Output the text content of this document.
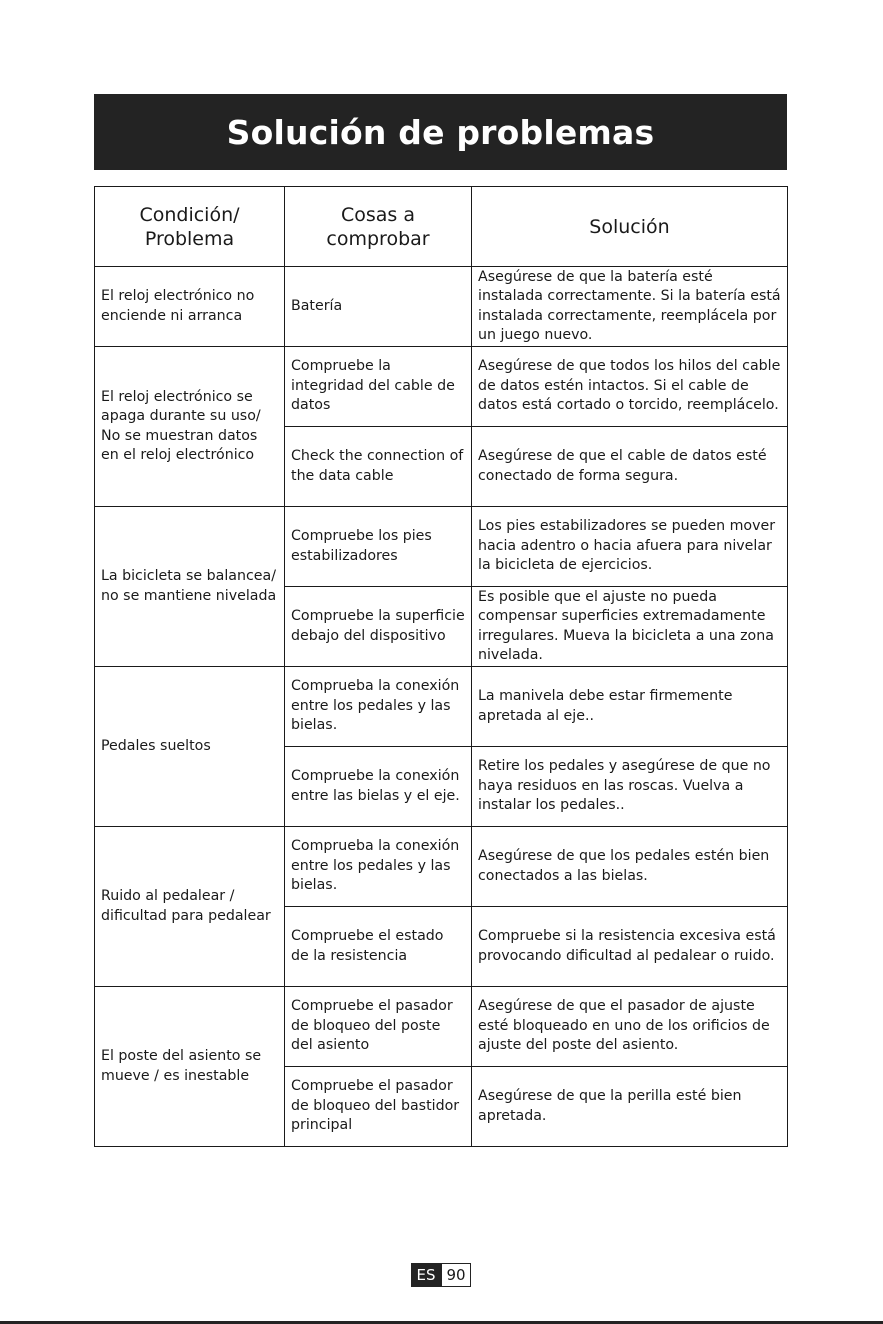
Solución de problemas
Condición/ Problema	Cosas a comprobar	Solución
El reloj electrónico no enciende ni arranca	Batería	Asegúrese de que la batería esté instalada correctamente. Si la batería está instalada correctamente, reemplácela por un juego nuevo.
El reloj electrónico se apaga durante su uso/ No se muestran datos en el reloj electrónico	Compruebe la integridad del cable de datos	Asegúrese de que todos los hilos del cable de datos estén intactos. Si el cable de datos está cortado o torcido, reemplácelo.
	Check the connection of the data cable	Asegúrese de que el cable de datos esté conectado de forma segura.
La bicicleta se balancea/ no se mantiene nivelada	Compruebe los pies estabilizadores	Los pies estabilizadores se pueden mover hacia adentro o hacia afuera para nivelar la bicicleta de ejercicios.
	Compruebe la superficie debajo del dispositivo	Es posible que el ajuste no pueda compensar superficies extremadamente irregulares. Mueva la bicicleta a una zona nivelada.
Pedales sueltos	Comprueba la conexión entre los pedales y las bielas.	La manivela debe estar firmemente apretada al eje..
	Compruebe la conexión entre las bielas y el eje.	Retire los pedales y asegúrese de que no haya residuos en las roscas. Vuelva a instalar los pedales..
Ruido al pedalear / dificultad para pedalear	Comprueba la conexión entre los pedales y las bielas.	Asegúrese de que los pedales estén bien conectados a las bielas.
	Compruebe el estado de la resistencia	Compruebe si la resistencia excesiva está provocando dificultad al pedalear o ruido.
El poste del asiento se mueve / es inestable	Compruebe el pasador de bloqueo del poste del asiento	Asegúrese de que el pasador de ajuste esté bloqueado en uno de los orificios de ajuste del poste del asiento.
	Compruebe el pasador de bloqueo del bastidor principal	Asegúrese de que la perilla esté bien apretada.
ES 90
